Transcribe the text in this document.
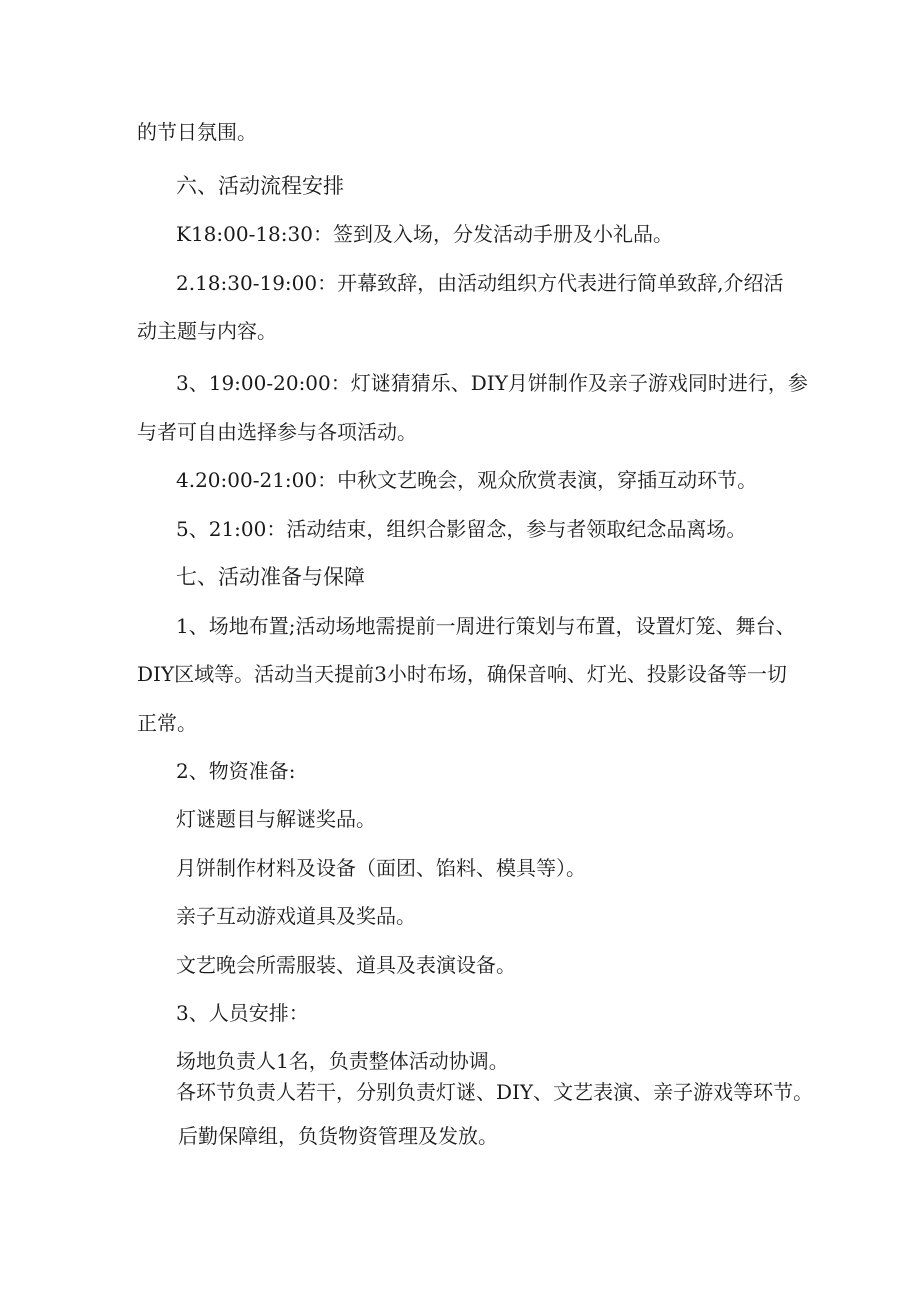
的节日氛围。

六、活动流程安排

K18:00-18:30：签到及入场，分发活动手册及小礼品。

2.18:30-19:00：开幕致辞，由活动组织方代表进行简单致辞,介绍活

动主题与内容。

3、19:00-20:00：灯谜猜猜乐、DIY月饼制作及亲子游戏同时进行，参

与者可自由选择参与各项活动。

4.20:00-21:00：中秋文艺晚会，观众欣赏表演，穿插互动环节。

5、21:00：活动结束，组织合影留念，参与者领取纪念品离场。

七、活动准备与保障

1、场地布置;活动场地需提前一周进行策划与布置，设置灯笼、舞台、

DIY区域等。活动当天提前3小时布场，确保音响、灯光、投影设备等一切

正常。

2、物资准备:

灯谜题目与解谜奖品。

月饼制作材料及设备（面团、馅料、模具等）。

亲子互动游戏道具及奖品。

文艺晚会所需服装、道具及表演设备。

3、人员安排：

场地负责人1名，负责整体活动协调。

各环节负责人若干，分别负责灯谜、DIY、文艺表演、亲子游戏等环节。

后勤保障组，负货物资管理及发放。
